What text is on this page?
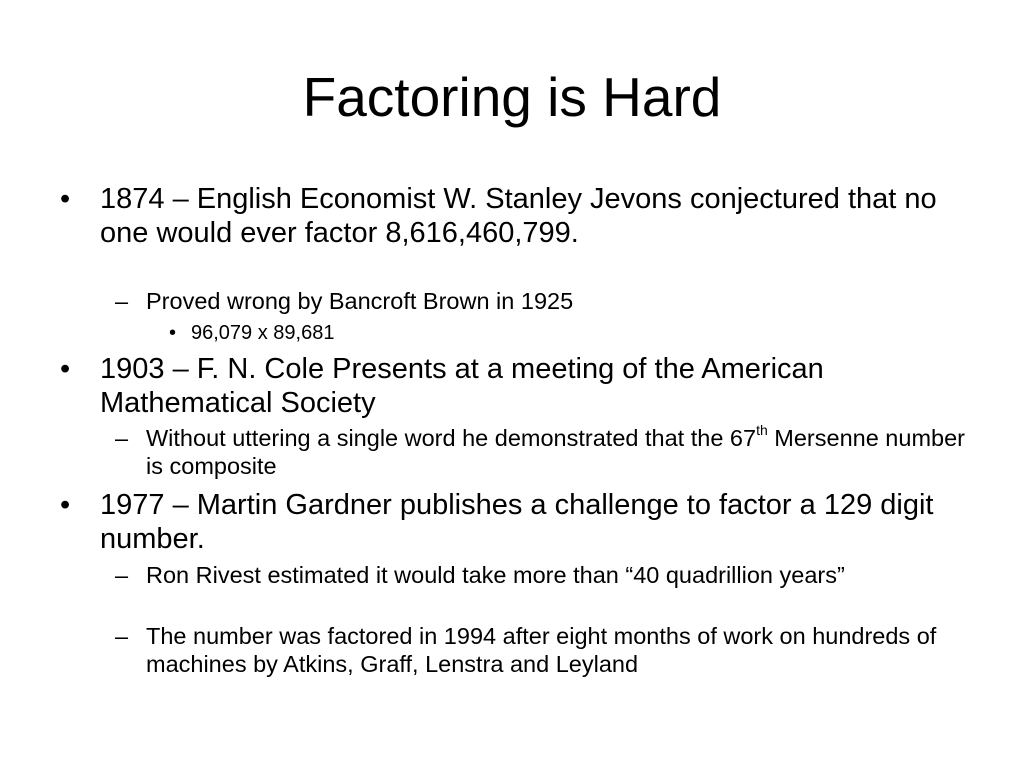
Factoring is Hard

• 1874 – English Economist W. Stanley Jevons conjectured that no one would ever factor 8,616,460,799.

– Proved wrong by Bancroft Brown in 1925

• 96,079 x 89,681

• 1903 – F. N. Cole Presents at a meeting of the American Mathematical Society

– Without uttering a single word he demonstrated that the 67th Mersenne number is composite

• 1977 – Martin Gardner publishes a challenge to factor a 129 digit number.

– Ron Rivest estimated it would take more than “40 quadrillion years”

– The number was factored in 1994 after eight months of work on hundreds of machines by Atkins, Graff, Lenstra and Leyland
